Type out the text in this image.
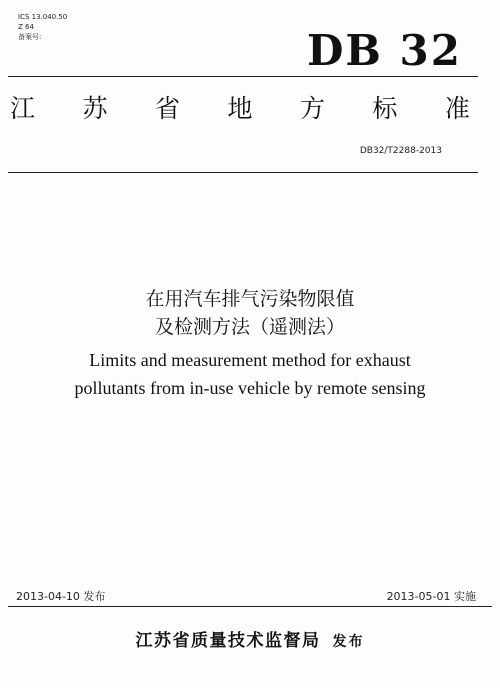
ICS 13.040.50
Z 64
备案号:	DB 32
江 苏 省 地 方 标 准
DB32/T2288-2013
在用汽车排气污染物限值
及检测方法（遥测法）
Limits and measurement method for exhaust
pollutants from in-use vehicle by remote sensing
2013-04-10 发布	2013-05-01 实施
江苏省质量技术监督局 发布
